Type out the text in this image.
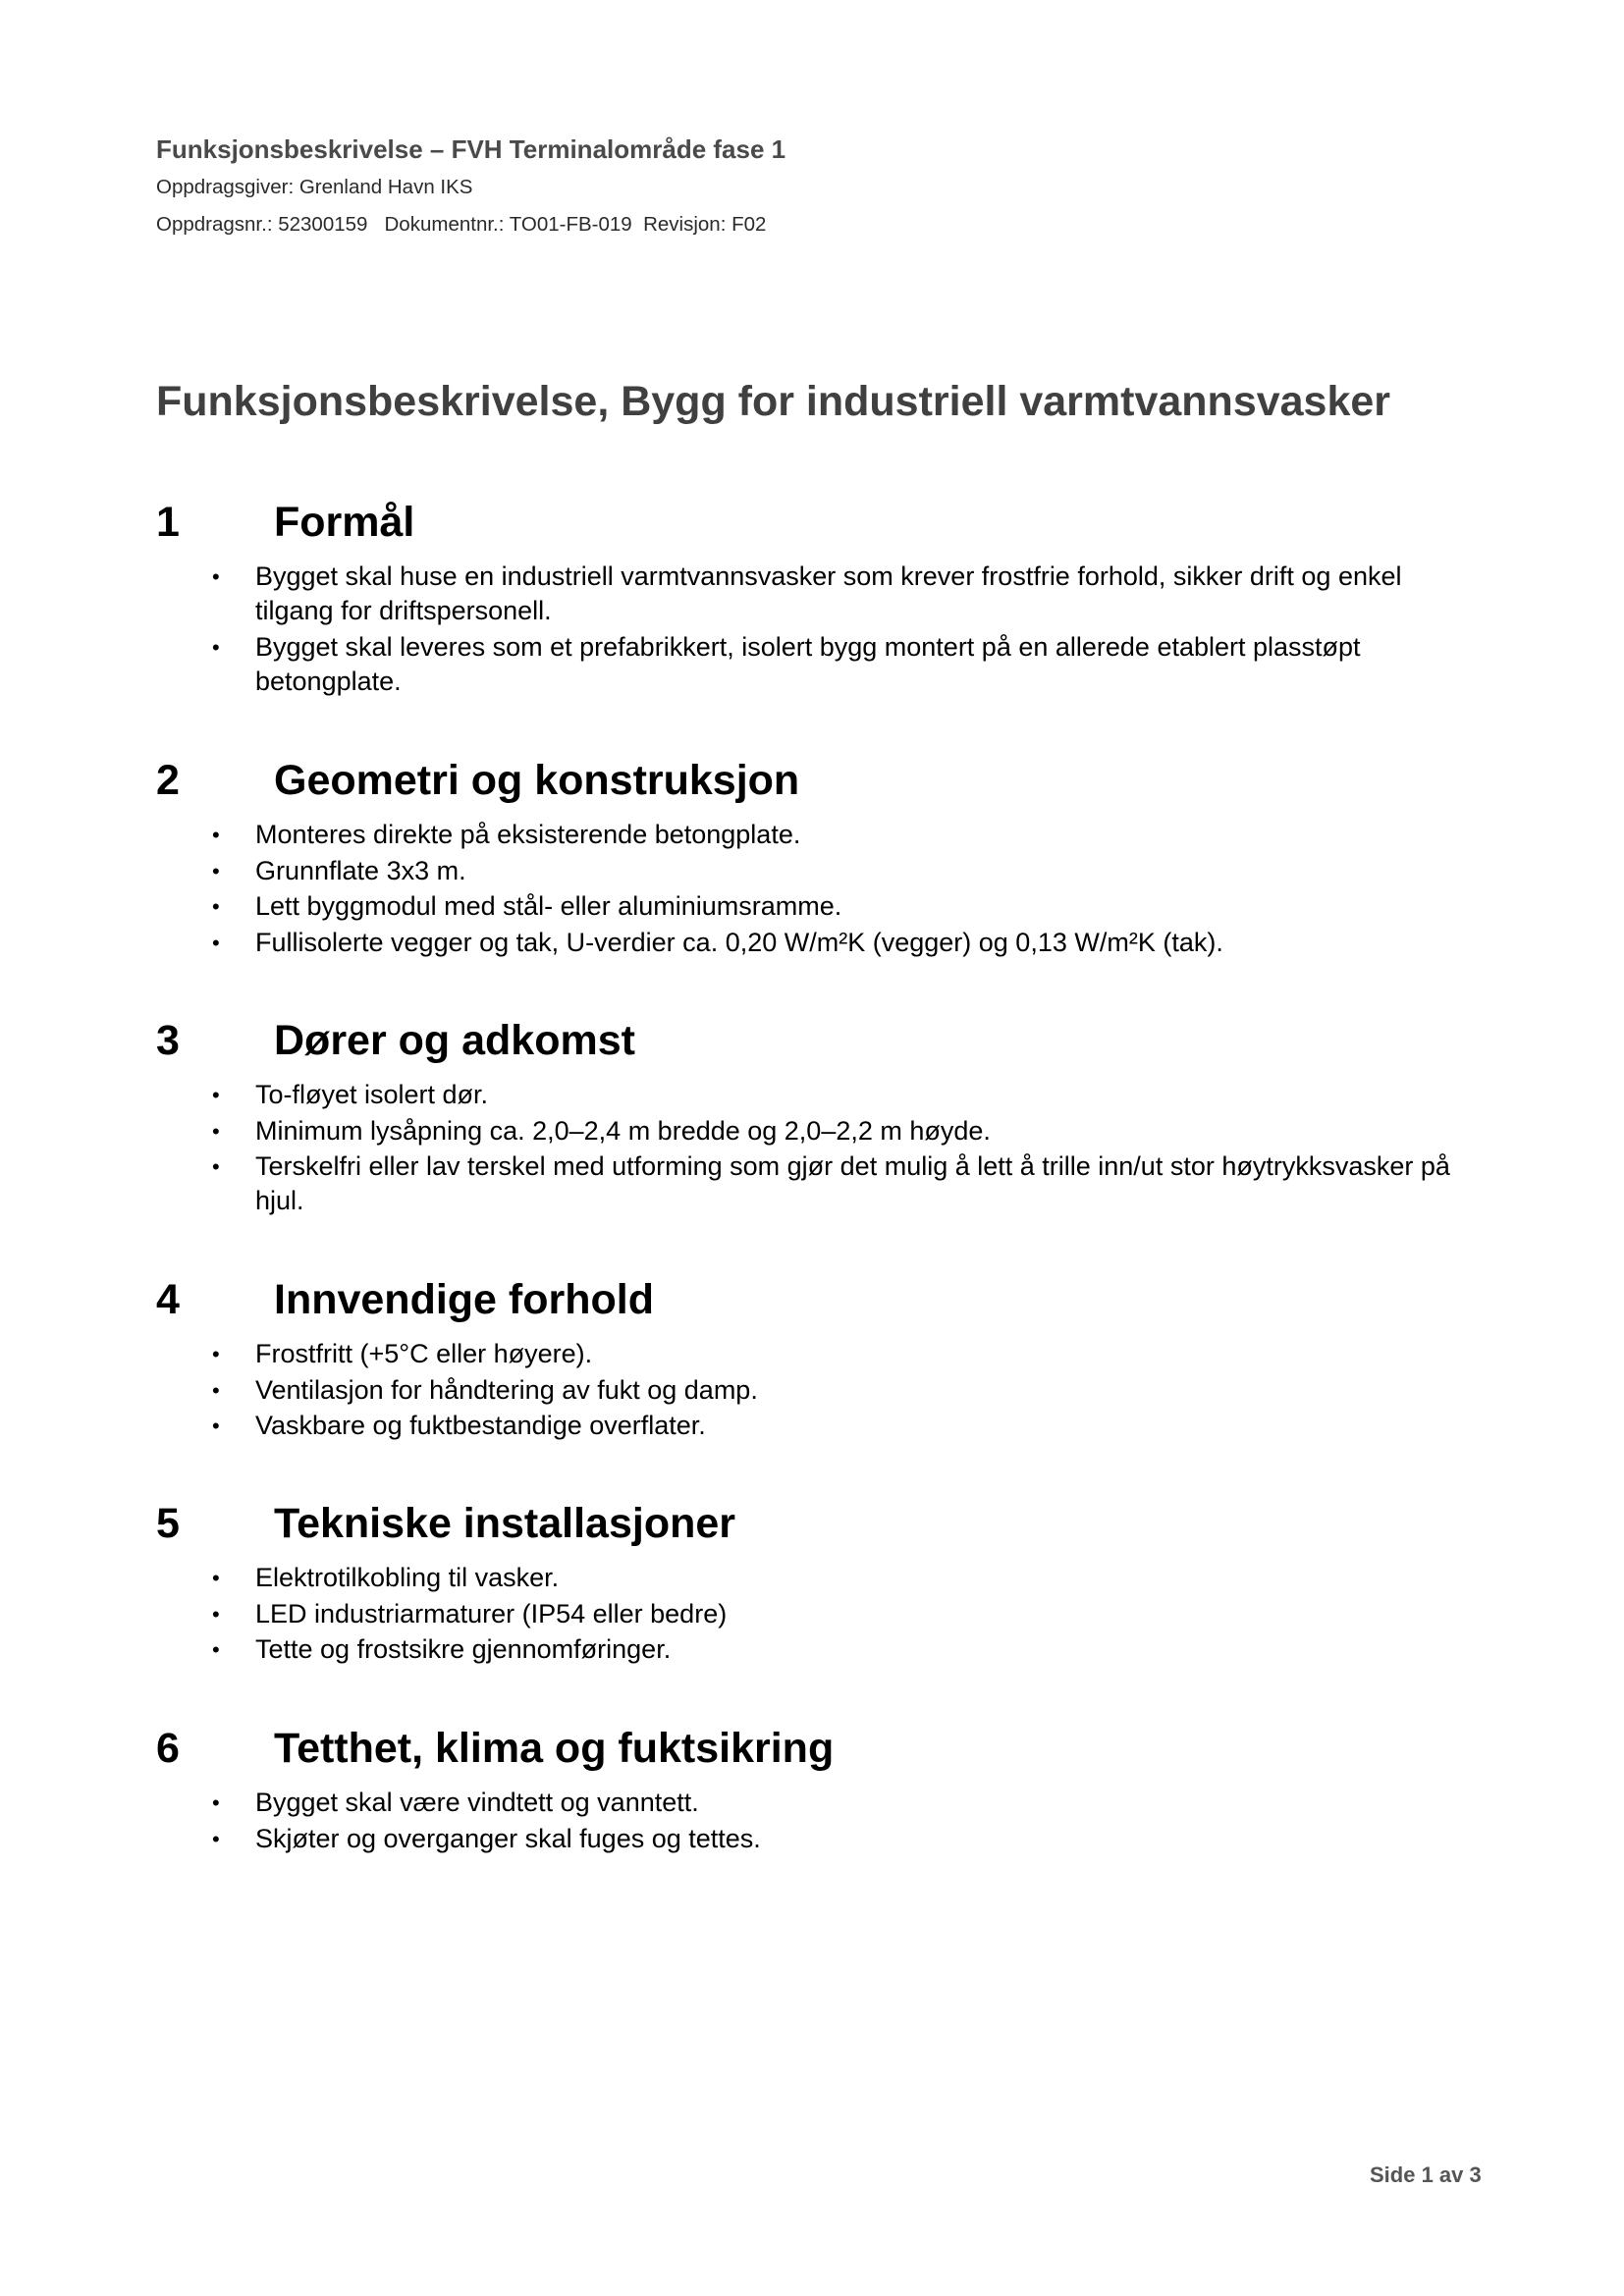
Funksjonsbeskrivelse – FVH Terminalområde fase 1

Oppdragsgiver: Grenland Havn IKS

Oppdragsnr.: 52300159   Dokumentnr.: TO01-FB-019  Revisjon: F02

Funksjonsbeskrivelse, Bygg for industriell varmtvannsvasker
1	Formål
• Bygget skal huse en industriell varmtvannsvasker som krever frostfrie forhold, sikker drift og enkel tilgang for driftspersonell.
• Bygget skal leveres som et prefabrikkert, isolert bygg montert på en allerede etablert plasstøpt betongplate.
2	Geometri og konstruksjon
• Monteres direkte på eksisterende betongplate.
• Grunnflate 3x3 m.
• Lett byggmodul med stål- eller aluminiumsramme.
• Fullisolerte vegger og tak, U-verdier ca. 0,20 W/m²K (vegger) og 0,13 W/m²K (tak).
3	Dører og adkomst
• To-fløyet isolert dør.
• Minimum lysåpning ca. 2,0–2,4 m bredde og 2,0–2,2 m høyde.
• Terskelfri eller lav terskel med utforming som gjør det mulig å lett å trille inn/ut stor høytrykksvasker på hjul.
4	Innvendige forhold
• Frostfritt (+5°C eller høyere).
• Ventilasjon for håndtering av fukt og damp.
• Vaskbare og fuktbestandige overflater.
5	Tekniske installasjoner
• Elektrotilkobling til vasker.
• LED industriarmaturer (IP54 eller bedre)
• Tette og frostsikre gjennomføringer.
6	Tetthet, klima og fuktsikring
• Bygget skal være vindtett og vanntett.
• Skjøter og overganger skal fuges og tettes.
Side 1 av 3
